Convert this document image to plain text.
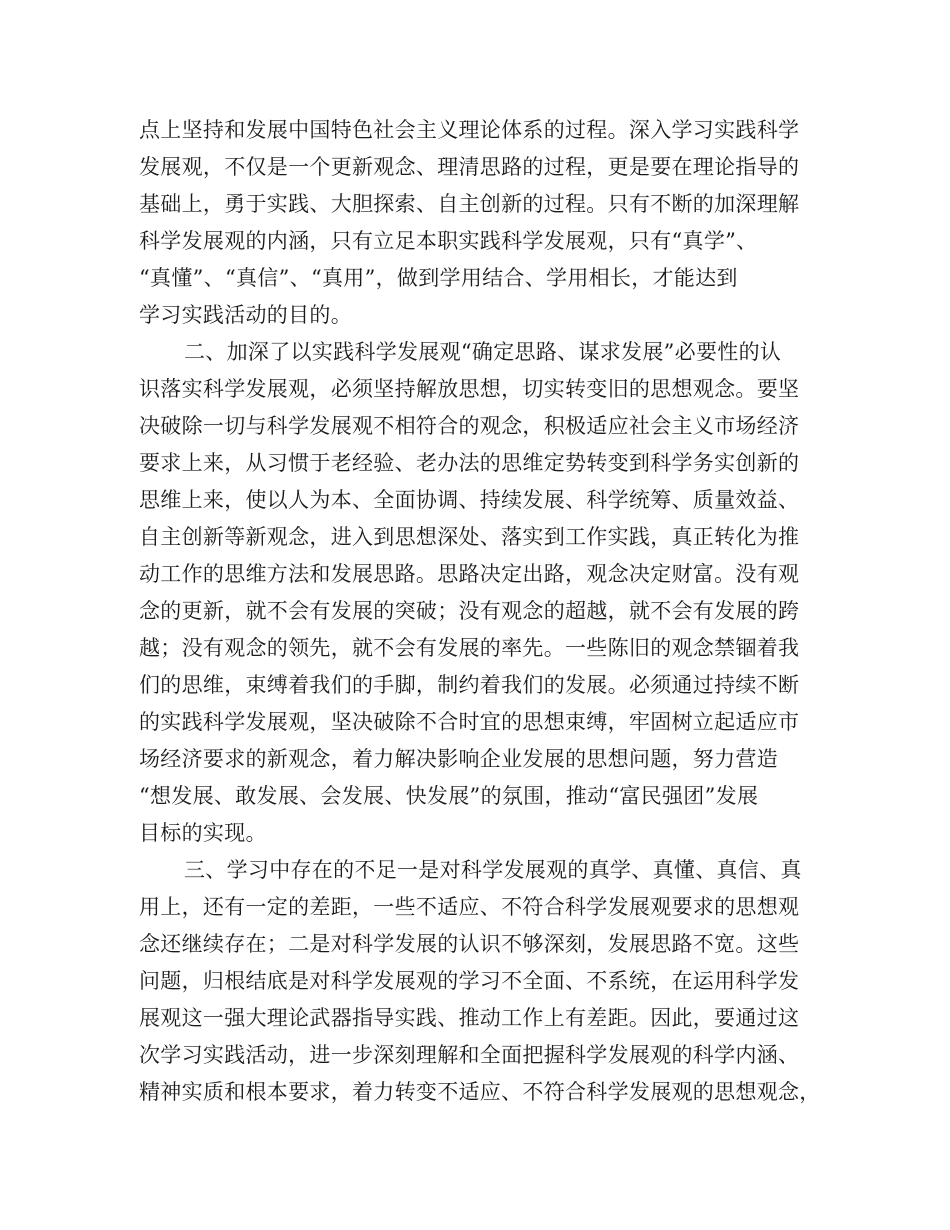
点上坚持和发展中国特色社会主义理论体系的过程。深入学习实践科学
发展观，不仅是一个更新观念、理清思路的过程，更是要在理论指导的
基础上，勇于实践、大胆探索、自主创新的过程。只有不断的加深理解
科学发展观的内涵，只有立足本职实践科学发展观，只有“真学”、
“真懂”、“真信”、“真用”，做到学用结合、学用相长，才能达到
学习实践活动的目的。
二、加深了以实践科学发展观“确定思路、谋求发展”必要性的认
识落实科学发展观，必须坚持解放思想，切实转变旧的思想观念。要坚
决破除一切与科学发展观不相符合的观念，积极适应社会主义市场经济
要求上来，从习惯于老经验、老办法的思维定势转变到科学务实创新的
思维上来，使以人为本、全面协调、持续发展、科学统筹、质量效益、
自主创新等新观念，进入到思想深处、落实到工作实践，真正转化为推
动工作的思维方法和发展思路。思路决定出路，观念决定财富。没有观
念的更新，就不会有发展的突破；没有观念的超越，就不会有发展的跨
越；没有观念的领先，就不会有发展的率先。一些陈旧的观念禁锢着我
们的思维，束缚着我们的手脚，制约着我们的发展。必须通过持续不断
的实践科学发展观，坚决破除不合时宜的思想束缚，牢固树立起适应市
场经济要求的新观念，着力解决影响企业发展的思想问题，努力营造
“想发展、敢发展、会发展、快发展”的氛围，推动“富民强团”发展
目标的实现。
三、学习中存在的不足一是对科学发展观的真学、真懂、真信、真
用上，还有一定的差距，一些不适应、不符合科学发展观要求的思想观
念还继续存在；二是对科学发展的认识不够深刻，发展思路不宽。这些
问题，归根结底是对科学发展观的学习不全面、不系统，在运用科学发
展观这一强大理论武器指导实践、推动工作上有差距。因此，要通过这
次学习实践活动，进一步深刻理解和全面把握科学发展观的科学内涵、
精神实质和根本要求，着力转变不适应、不符合科学发展观的思想观念，
